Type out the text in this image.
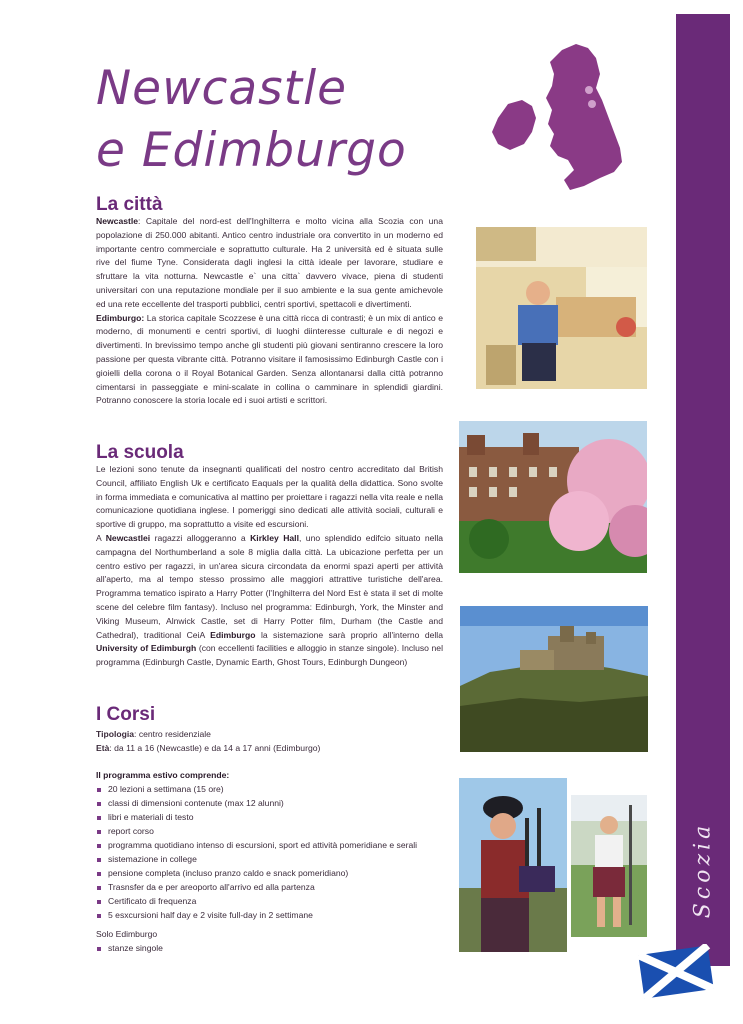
Scozia
Newcastle
e Edimburgo
La città
Newcastle: Capitale del nord-est dell'Inghilterra e molto vicina alla Scozia con una popolazione di 250.000 abitanti. Antico centro industriale ora convertito in un moderno ed importante centro commerciale e soprattutto culturale. Ha 2 università ed è situata sulle rive del fiume Tyne. Considerata dagli inglesi la città ideale per lavorare, studiare e sfruttare la vita notturna. Newcastle e` una citta` davvero vivace, piena di studenti universitari con una reputazione mondiale per il suo ambiente e la sua gente amichevole ed una rete eccellente del trasporti pubblici, centri sportivi, spettacoli e divertimenti.
Edimburgo: La storica capitale Scozzese è una città ricca di contrasti; è un mix di antico e moderno, di monumenti e centri sportivi, di luoghi diinteresse culturale e di negozi e divertimenti. In brevissimo tempo anche gli studenti più giovani sentiranno crescere la loro passione per questa vibrante città. Potranno visitare il famosissimo Edinburgh Castle con i gioielli della corona o il Royal Botanical Garden. Senza allontanarsi dalla città potranno cimentarsi in passeggiate e mini-scalate in collina o camminare in splendidi giardini. Potranno conoscere la storia locale ed i suoi artisti e scrittori.
La scuola
Le lezioni sono tenute da insegnanti qualificati del nostro centro accreditato dal British Council, affiliato English Uk e certificato Eaquals per la qualità della didattica. Sono svolte in forma immediata e comunicativa al mattino per proiettare i ragazzi nella vita reale e nella comunicazione quotidiana inglese. I pomeriggi sino dedicati alle attività sociali, culturali e sportive di gruppo, ma soprattutto a visite ed escursioni.
A Newcastlei ragazzi alloggeranno a Kirkley Hall, uno splendido edifcio situato nella campagna del Northumberland a sole 8 miglia dalla città. La ubicazione perfetta per un centro estivo per ragazzi, in un'area sicura circondata da enormi spazi aperti per attività all'aperto, ma al tempo stesso prossimo alle maggiori attrattive turistiche dell'area. Programma tematico ispirato a Harry Potter (l'Inghilterra del Nord Est è stata il set di molte scene del celebre film fantasy). Incluso nel programma: Edinburgh, York, the Minster and Viking Museum, Alnwick Castle, set di Harry Potter film, Durham (the Castle and Cathedral), traditional CeiA Edimburgo la sistemazione sarà proprio all'interno della University of Edimburgh (con eccellenti facilities e alloggio in stanze singole). Incluso nel programma (Edinburgh Castle, Dynamic Earth, Ghost Tours, Edinburgh Dungeon)
I Corsi
Tipologia: centro residenziale
Età: da 11 a 16 (Newcastle) e da 14 a 17 anni (Edimburgo)
Il programma estivo comprende:
20 lezioni a settimana (15 ore)
classi di dimensioni contenute (max 12 alunni)
libri e materiali di testo
report corso
programma quotidiano intenso di escursioni, sport ed attività pomeridiane e serali
sistemazione in college
pensione completa (incluso pranzo caldo e snack pomeridiano)
Trasnsfer da e per areoporto all'arrivo ed alla partenza
Certificato di frequenza
5 esxcursioni half day e 2 visite full-day in 2 settimane
Solo Edimburgo
stanze singole
